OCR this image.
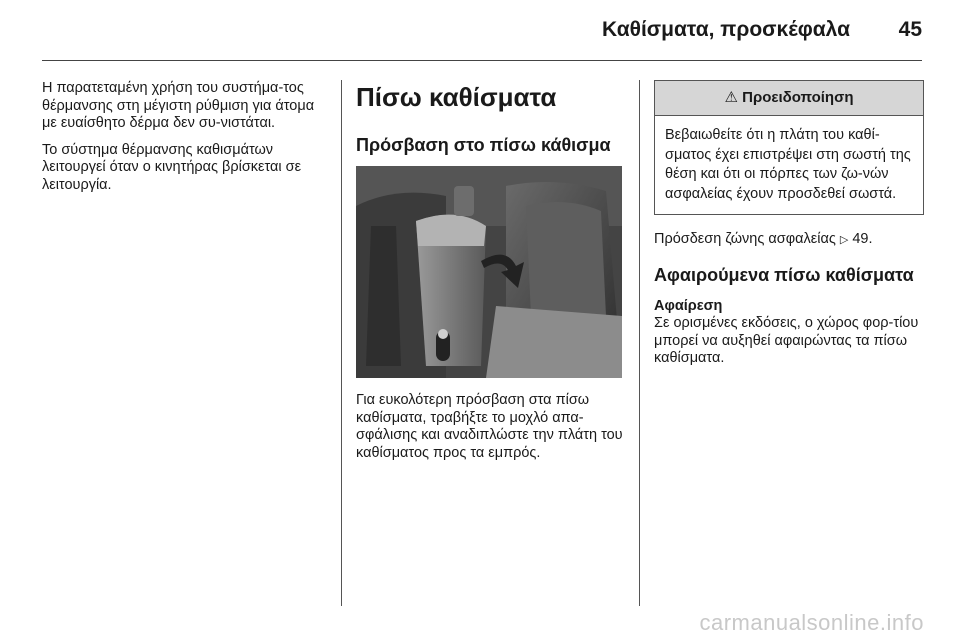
Καθίσματα, προσκέφαλα 45

Η παρατεταμένη χρήση του συστήμα-τος θέρμανσης στη μέγιστη ρύθμιση για άτομα με ευαίσθητο δέρμα δεν συ-νιστάται.

Το σύστημα θέρμανσης καθισμάτων λειτουργεί όταν ο κινητήρας βρίσκεται σε λειτουργία.

Πίσω καθίσματα
Πρόσβαση στο πίσω κάθισμα

Για ευκολότερη πρόσβαση στα πίσω καθίσματα, τραβήξτε το μοχλό απα-σφάλισης και αναδιπλώστε την πλάτη του καθίσματος προς τα εμπρός.

⚠ Προειδοποίηση
Βεβαιωθείτε ότι η πλάτη του καθί-σματος έχει επιστρέψει στη σωστή της θέση και ότι οι πόρπες των ζω-νών ασφαλείας έχουν προσδεθεί σωστά.

Πρόσδεση ζώνης ασφαλείας ▷ 49.

Αφαιρούμενα πίσω καθίσματα
Αφαίρεση

Σε ορισμένες εκδόσεις, ο χώρος φορ-τίου μπορεί να αυξηθεί αφαιρώντας τα πίσω καθίσματα.

carmanualsonline.info
